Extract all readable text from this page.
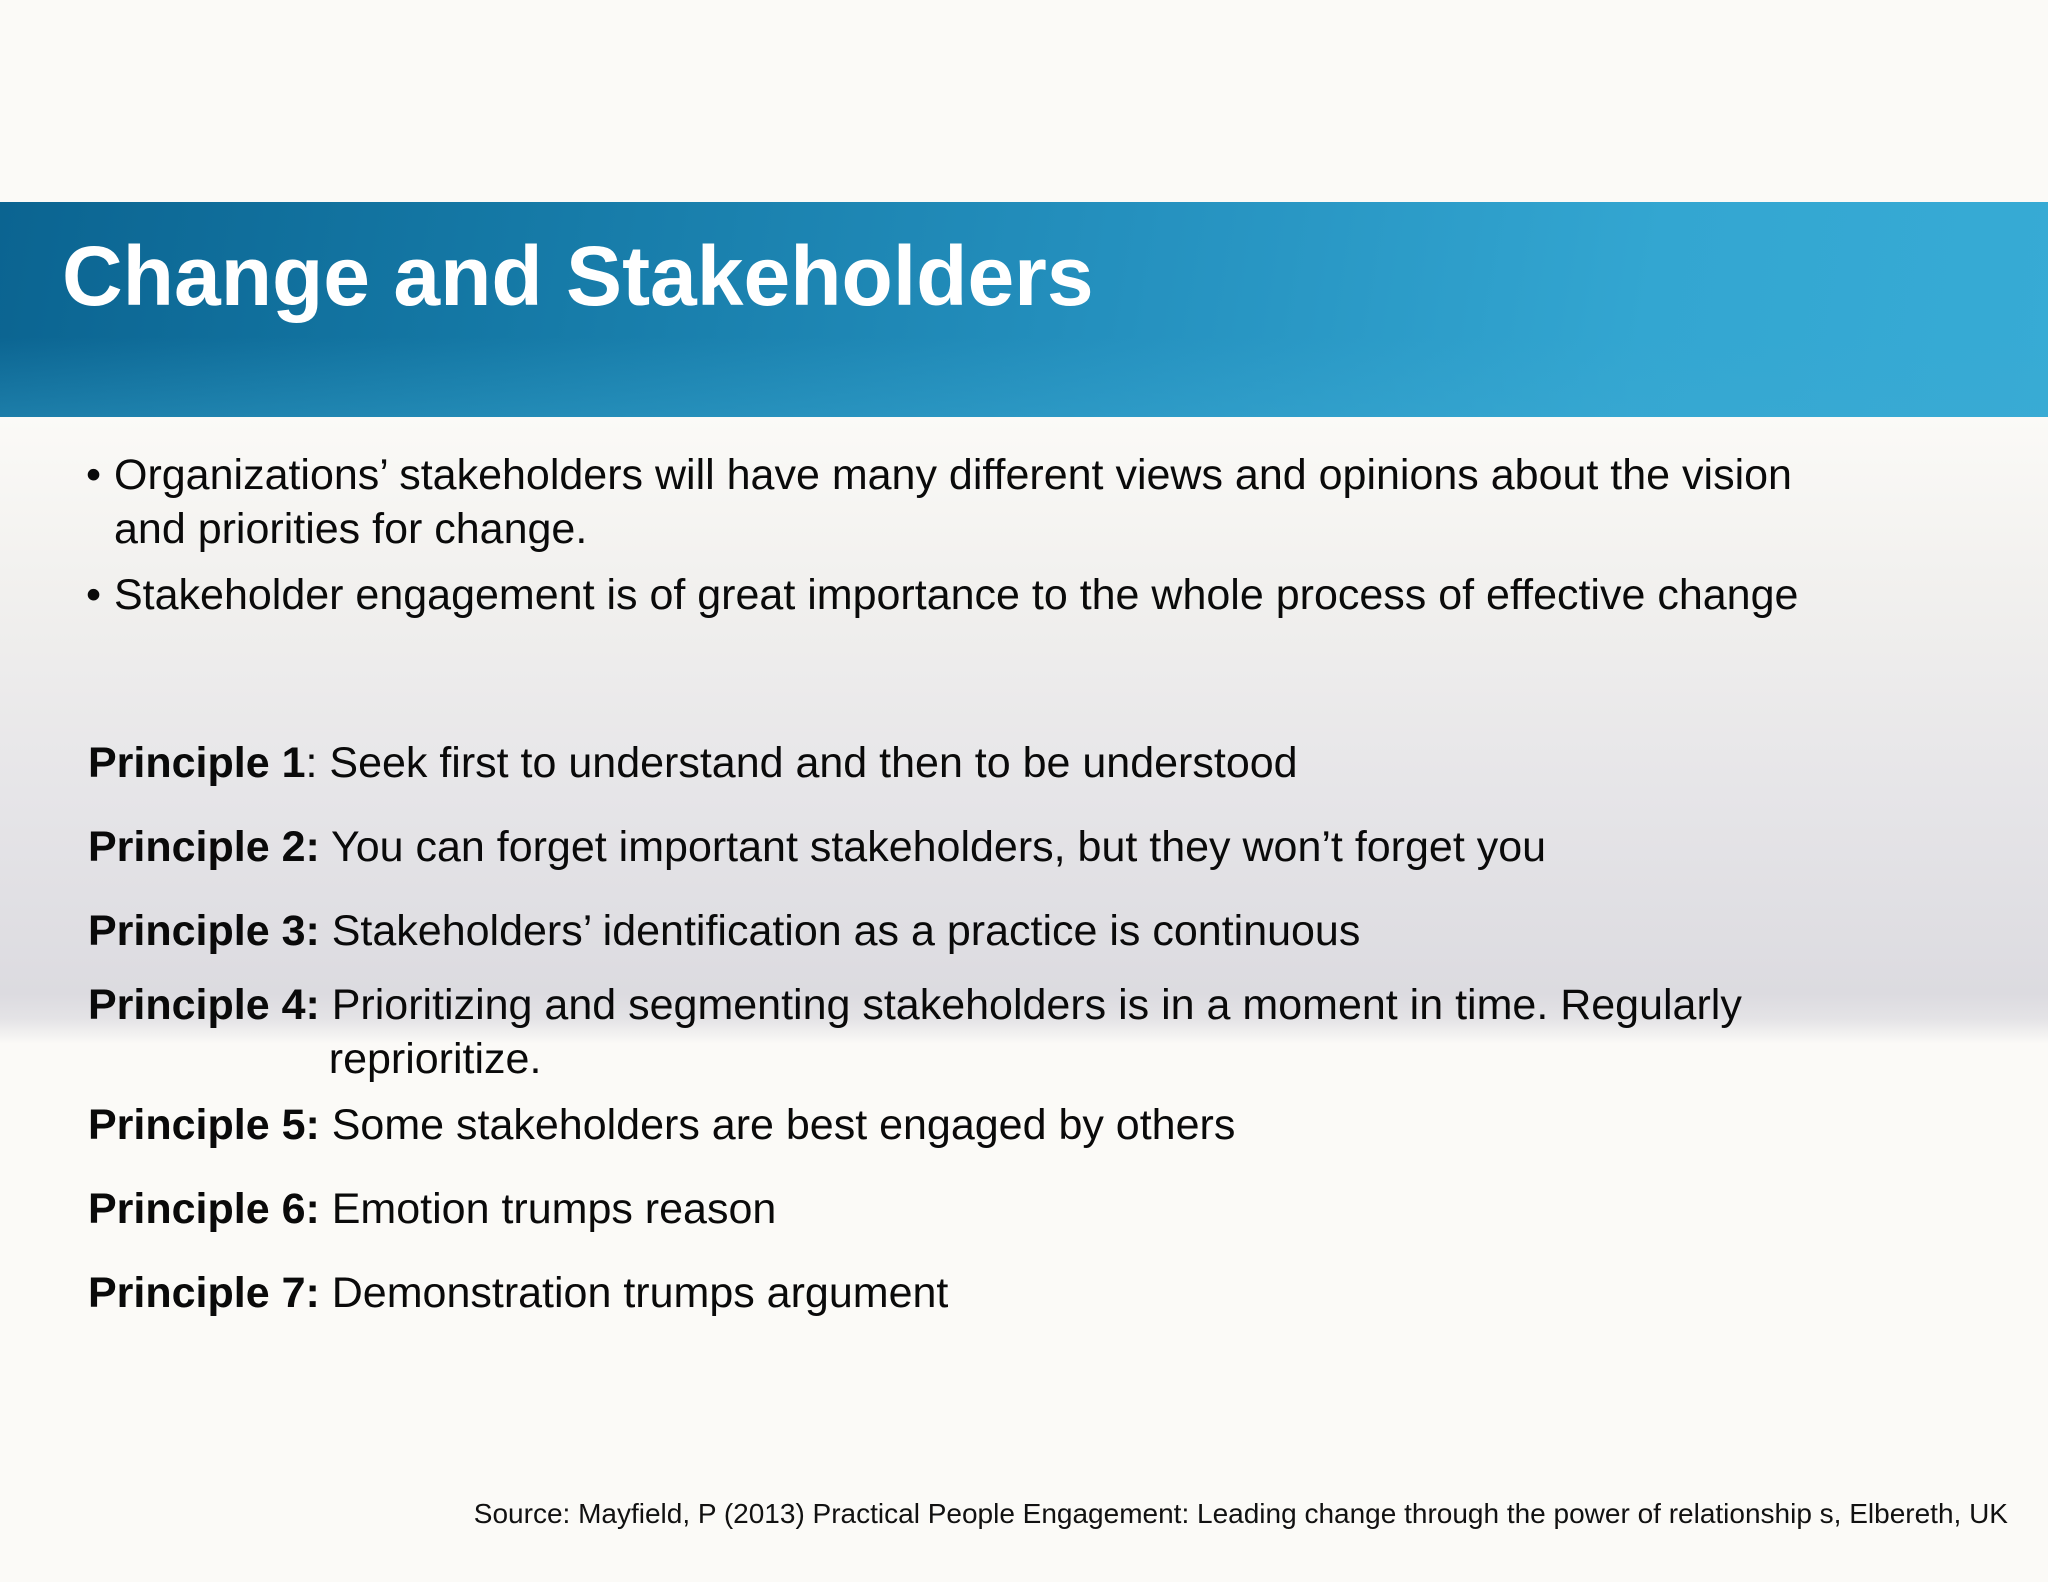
Change and Stakeholders
• Organizations’ stakeholders will have many different views and opinions about the vision
and priorities for change.
• Stakeholder engagement is of great importance to the whole process of effective change
Principle 1: Seek first to understand and then to be understood
Principle 2: You can forget important stakeholders, but they won’t forget you
Principle 3: Stakeholders’ identification as a practice is continuous
Principle 4: Prioritizing and segmenting stakeholders is in a moment in time. Regularly
reprioritize.
Principle 5: Some stakeholders are best engaged by others
Principle 6: Emotion trumps reason
Principle 7: Demonstration trumps argument
Source: Mayfield, P (2013) Practical People Engagement: Leading change through the power of relationship s, Elbereth, UK
